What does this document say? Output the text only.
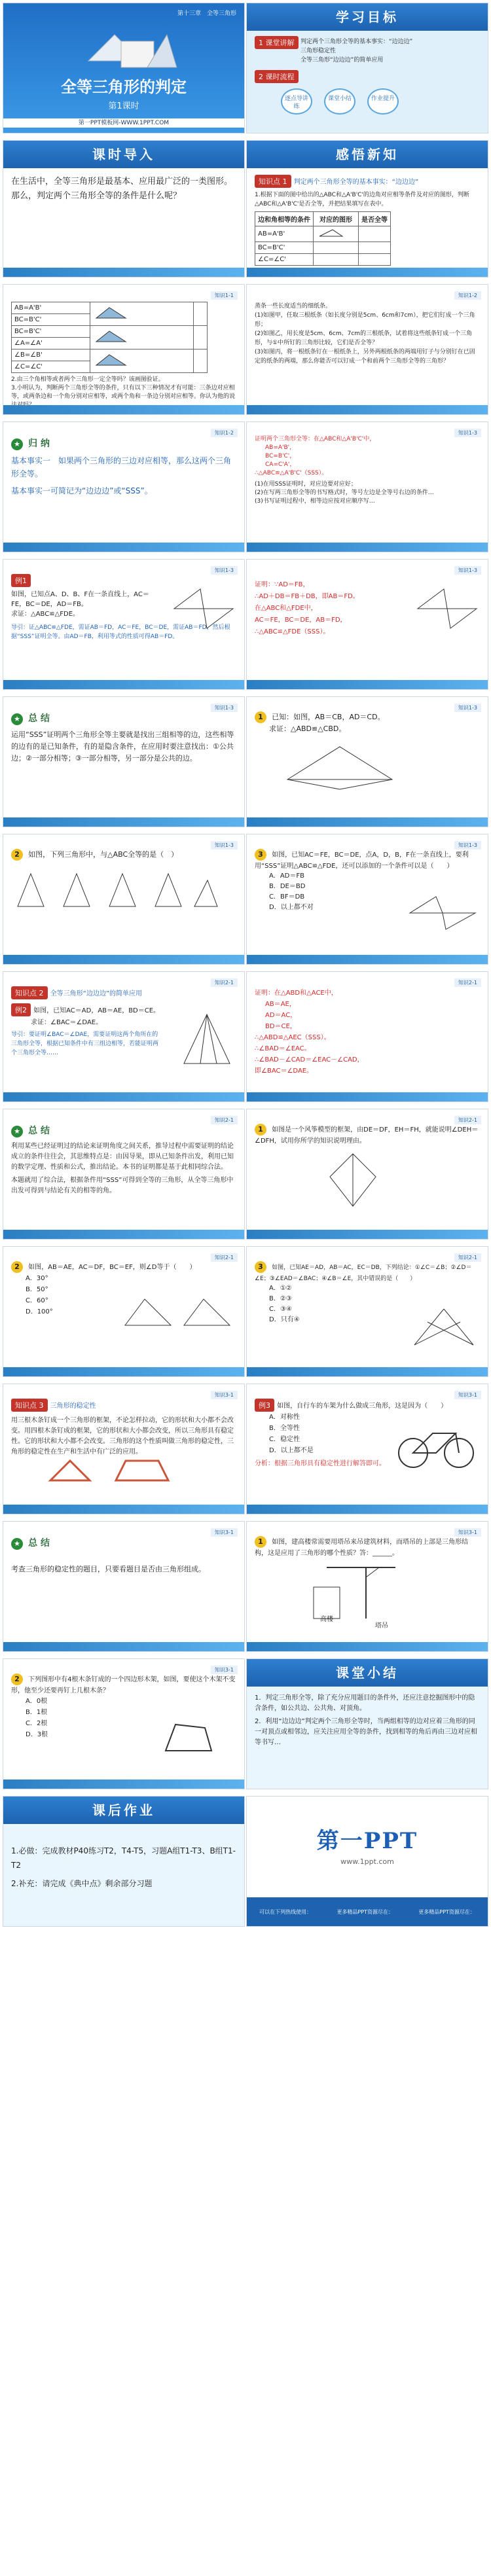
第十三章　全等三角形
全等三角形的判定
第1课时
第一PPT模板网-WWW.1PPT.COM
学习目标
1 课堂讲解 判定两个三角形全等的基本事实：“边边边”
三角形稳定性
全等三角形“边边边”的简单应用
2 课时流程
逐点导讲练
课堂小结	作业提升
课时导入
在生活中，全等三角形是最基本、应用最广泛的一类图形。那么，判定两个三角形全等的条件是什么呢？
感悟新知
知识点 1 判定两个三角形全等的基本事实：“边边边”
1.根据下面的图中给出的△ABC和△A'B'C'的边角对应相等条件及对应的图形，判断△ABC和△A'B'C'是否全等，并把结果填写在表中。
边和角相等的条件	对应的图形	是否全等
AB=A'B'		
BC=B'C'		
∠C=∠C'		
知识1-1
AB=A'B'		
BC=B'C'		
BC=B'C'		
∠A=∠A'		
∠B=∠B'		
∠C=∠C'		
2.由三个角相等或者两个三角形一定全等吗？该画图验证。
3.小明认为，判断两个三角形全等的条件，只有以下三种情况才有可能：三条边对应相等，或两条边和一个角分别对应相等，或两个角和一条边分别对应相等。你认为他的说
知识1-2
蒸条一些长度适当的细纸条。
(1)如图甲，任取三根纸条（如长度分别是5cm、6cm和7cm），把它们钉成一个三角形；
(2)如图乙，用长度是5cm、6cm、7cm的三根纸条，试着将这些纸条钉成一个三角形，与①中所钉的三角形比较，它们是否全等？
(3)如图丙，将一根纸条钉在一根纸条上，另外两根纸条的两端用钉子与分别钉在已固定的纸条的两端，那么你能否可以钉成一个和前两个三角形全等的三角形？
知识1-2
★ 归 纳
基本事实一　如果两个三角形的三边对应相等，那么这两个三角形全等。
基本事实一可简记为“边边边”或“SSS”。
知识1-3
证明两个三角形全等：在△ABC和△A'B'C'中，
AB=A'B'，
BC=B'C'，
CA=C'A'，
∴△ABC≌△A'B'C'（SSS）。
(1)在用SSS证明时，对应边要对应好；
(2)在写两三角形全等的书写格式时，等号左边是全等号右边的条件…
(3)书写证明过程中，相等边应按对应顺序写…
知识1-3
例1
如图，已知点A、D、B、F在一条直线上，AC＝FE，BC＝DE，AD＝FB。
求证：△ABC≌△FDE。
导引：证△ABC≌△FDE，需证AB＝FD，AC＝FE，BC＝DE，需证AB＝FD，然后根据“SSS”证明全等。由AD＝FB，利用等式的性质可得AB＝FD。
知识1-3
证明：∵AD＝FB，
∴AD＋DB＝FB＋DB，即AB＝FD。
在△ABC和△FDE中，
AC＝FE，BC＝DE，AB＝FD，
∴△ABC≌△FDE（SSS）。
知识1-3
★ 总 结
运用“SSS”证明两个三角形全等主要就是找出三组相等的边，这些相等的边有的是已知条件，有的是隐含条件，在应用时要注意找出：①公共边；②一部分相等；③一部分相等，另一部分是公共的边。
知识1-3
1 已知：如图，AB＝CB，AD＝CD。
求证：△ABD≌△CBD。
知识1-3
2 如图，下列三角形中，与△ABC全等的是（　）
知识1-3
3 如图，已知AC＝FE，BC＝DE，点A，D，B，F在一条直线上，要利用“SSS”证明△ABC≌△FDE，还可以添加的一个条件可以是（　　）
A．AD＝FB
B．DE＝BD
C．BF＝DB
D．以上都不对
知识2-1
知识点 2 全等三角形“边边边”的简单应用
例2 如图，已知AC＝AD，AB＝AE，BD＝CE。
求证：∠BAC＝∠DAE。
导引：要证明∠BAC＝∠DAE，需要证明这两个角所在的三角形全等，根据已知条件中有三组边相等，若能证明两个三角形全等……
知识2-1
证明：在△ABD和△ACE中，
AB＝AE，
AD＝AC，
BD＝CE，
∴△ABD≌△AEC（SSS）。
∴∠BAD＝∠EAC。
∴∠BAD－∠CAD＝∠EAC－∠CAD，
即∠BAC＝∠DAE。
知识2-1
★ 总 结
利用某些已经证明过的结论来证明角度之间关系，推导过程中需要证明的结论成立的条件往往会，其思维特点是：由因导果，即从已知条件出发，利用已知的数学定理、性质和公式，推出结论。本书的证明都是基于此相同综合法。
本题就用了综合法，根据条件用“SSS”可得到全等的三角形，从全等三角形中出发可得到与结论有关的相等的角。
知识2-1
1 如图是一个风筝模型的框架，由DE＝DF，EH＝FH，就能说明∠DEH＝∠DFH，试用你所学的知识说明理由。
知识2-1
2 如图，AB＝AE，AC＝DF，BC＝EF，则∠D等于（　　）
A．30°
B．50°
C．60°
D．100°
知识2-1
3 如图，已知AE＝AD，AB＝AC，EC＝DB，下列结论：①∠C＝∠B；②∠D＝∠E；③∠EAD＝∠BAC；④∠B＝∠E，其中错误的是（　　）
A．①②
B．②③
C．③④
D．只有④
知识3-1
知识点 3 三角形的稳定性
用三根木条钉成一个三角形的框架，不论怎样拉动，它的形状和大小都不会改变。用四根木条钉成的框架，它的形状和大小都会改变，所以三角形具有稳定性。它的形状和大小都不会改变。三角形的这个性质叫做三角形的稳定性，三角形的稳定性在生产和生活中有广泛的应用。
知识3-1
例3 如图，自行车的车架为什么做成三角形，这是因为（　　）
A．对称性
B．全等性
C．稳定性
D．以上都不是
分析：根据三角形具有稳定性进行解答即可。
知识3-1
★ 总 结
考查三角形的稳定性的题目，只要看题目是否由三角形组成。
知识3-1
1 如图，建高楼常需要用塔吊来吊建筑材料，而塔吊的上部是三角形结构，这是应用了三角形的哪个性质？答：______。
高楼
塔吊
知识3-1
2 下列图形中有4根木条钉成的一个四边形木架，如图，要使这个木架不变形，他至少还要再钉上几根木条？
A．0根
B．1根
C．2根
D．3根
课堂小结
1．判定三角形全等，除了充分应用题目的条件外，还应注意挖掘图形中的隐含条件，如公共边、公共角、对顶角。
2．利用“边边边”判定两个三角形全等时，当两组相等的边对应着三角形的同一对顶点或相邻边，应关注应用全等的条件，找到相等的角后再由三边对应相等书写…
课后作业
1.必做：完成教材P40练习T2，T4-T5，习题A组T1-T3、B组T1-T2
2.补充：请完成《典中点》剩余部分习题
第一PPT
www.1ppt.com
可以在下列热线使用：	更多精品PPT资源尽在：	更多精品PPT资源尽在：
